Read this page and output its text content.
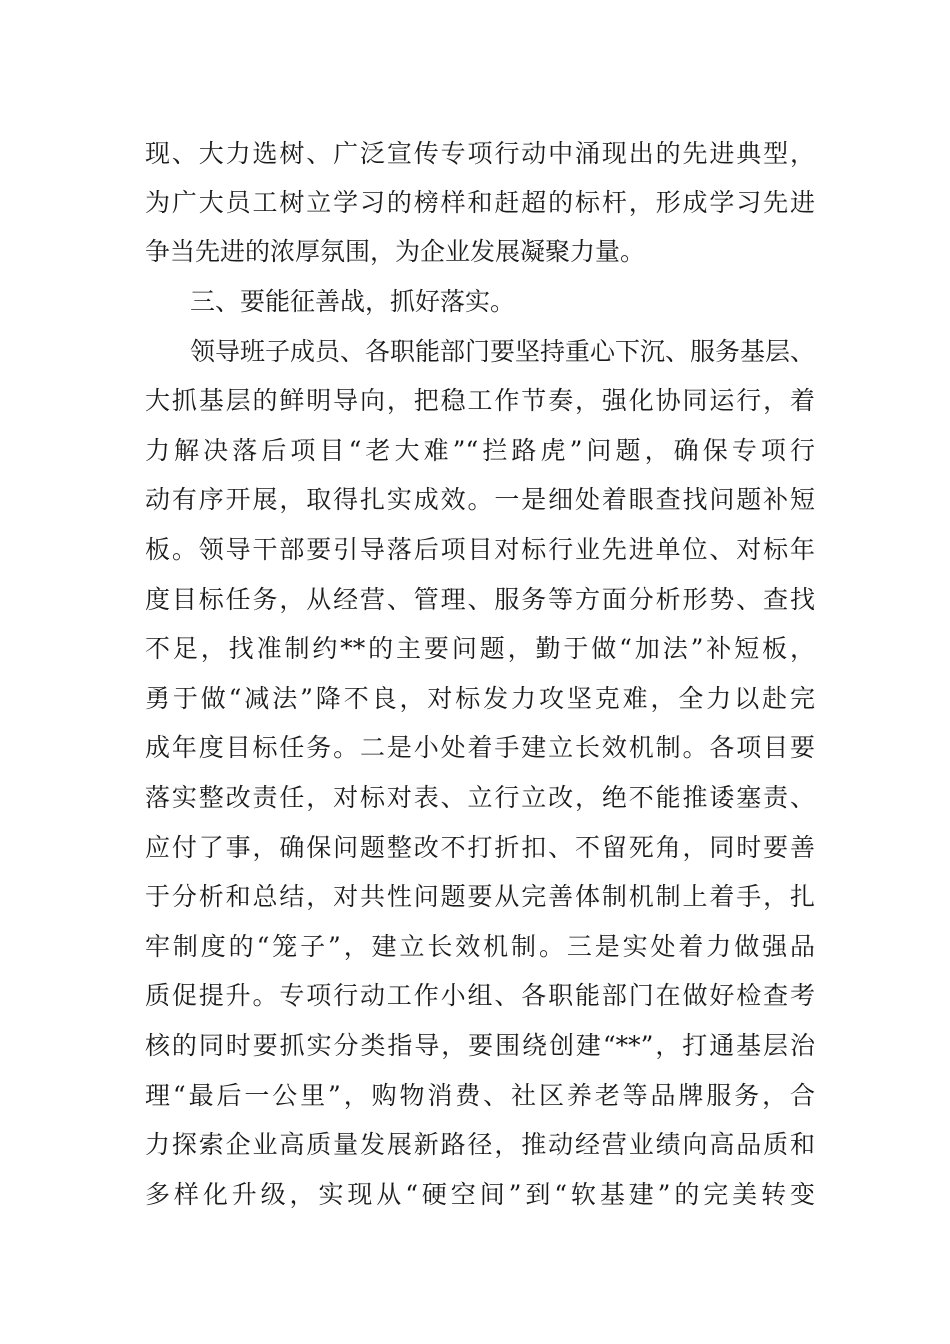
现、大力选树、广泛宣传专项行动中涌现出的先进典型，
为广大员工树立学习的榜样和赶超的标杆，形成学习先进
争当先进的浓厚氛围，为企业发展凝聚力量。
三、要能征善战，抓好落实。
领导班子成员、各职能部门要坚持重心下沉、服务基层、
大抓基层的鲜明导向，把稳工作节奏，强化协同运行，着
力解决落后项目“老大难”“拦路虎”问题，确保专项行
动有序开展，取得扎实成效。一是细处着眼查找问题补短
板。领导干部要引导落后项目对标行业先进单位、对标年
度目标任务，从经营、管理、服务等方面分析形势、查找
不足，找准制约**的主要问题，勤于做“加法”补短板，
勇于做“减法”降不良，对标发力攻坚克难，全力以赴完
成年度目标任务。二是小处着手建立长效机制。各项目要
落实整改责任，对标对表、立行立改，绝不能推诿塞责、
应付了事，确保问题整改不打折扣、不留死角，同时要善
于分析和总结，对共性问题要从完善体制机制上着手，扎
牢制度的“笼子”，建立长效机制。三是实处着力做强品
质促提升。专项行动工作小组、各职能部门在做好检查考
核的同时要抓实分类指导，要围绕创建“**”，打通基层治
理“最后一公里”，购物消费、社区养老等品牌服务，合
力探索企业高质量发展新路径，推动经营业绩向高品质和
多样化升级，实现从“硬空间”到“软基建”的完美转变
